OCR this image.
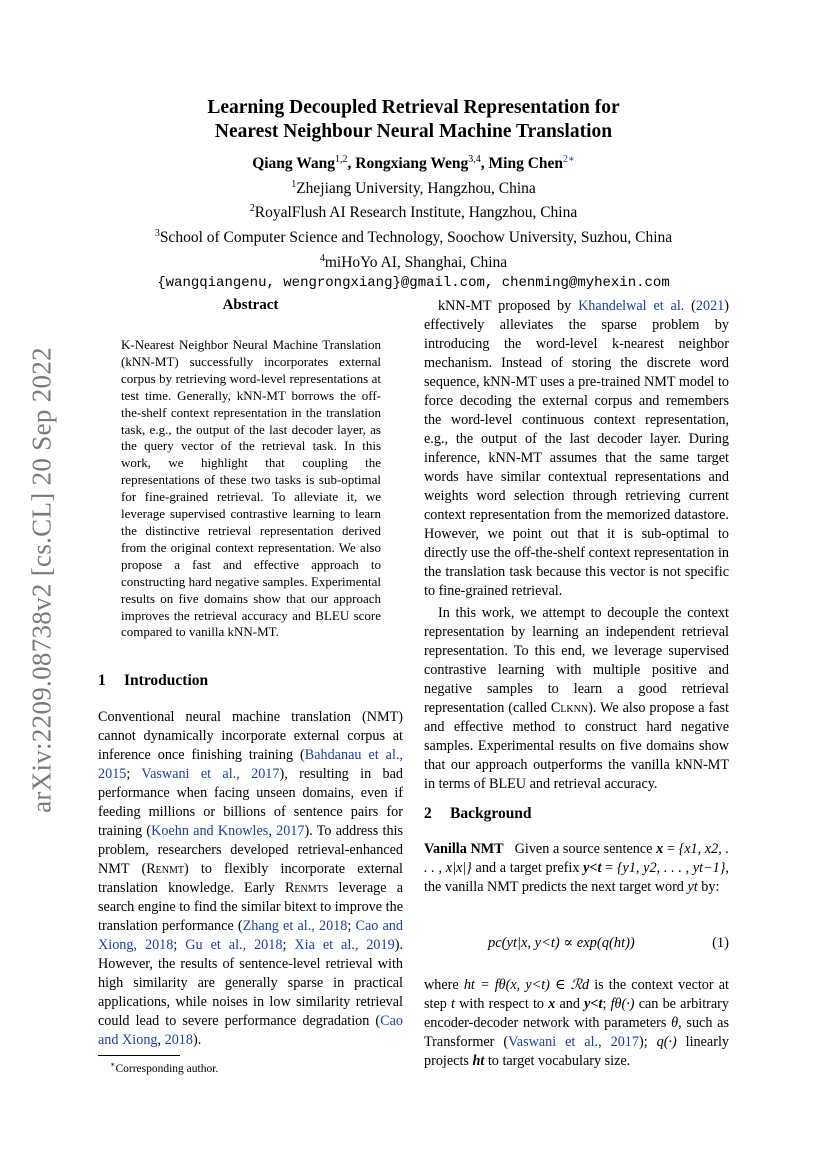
arXiv:2209.08738v2 [cs.CL] 20 Sep 2022
Learning Decoupled Retrieval Representation for
Nearest Neighbour Neural Machine Translation
Qiang Wang$^{1,2}$, Rongxiang Weng$^{3,4}$, Ming Chen$^{2∗}$
$^1$Zhejiang University, Hangzhou, China
$^2$RoyalFlush AI Research Institute, Hangzhou, China
$^3$School of Computer Science and Technology, Soochow University, Suzhou, China
$^4$miHoYo AI, Shanghai, China
{wangqiangenu, wengrongxiang}@gmail.com, chenming@myhexin.com
Abstract
K-Nearest Neighbor Neural Machine Translation (kNN-MT) successfully incorporates external corpus by retrieving word-level representations at test time. Generally, kNN-MT borrows the off-the-shelf context representation in the translation task, e.g., the output of the last decoder layer, as the query vector of the retrieval task. In this work, we highlight that coupling the representations of these two tasks is sub-optimal for fine-grained retrieval. To alleviate it, we leverage supervised contrastive learning to learn the distinctive retrieval representation derived from the original context representation. We also propose a fast and effective approach to constructing hard negative samples. Experimental results on five domains show that our approach improves the retrieval accuracy and BLEU score compared to vanilla kNN-MT.
1 Introduction

Conventional neural machine translation (NMT) cannot dynamically incorporate external corpus at inference once finishing training (Bahdanau et al., 2015; Vaswani et al., 2017), resulting in bad performance when facing unseen domains, even if feeding millions or billions of sentence pairs for training (Koehn and Knowles, 2017). To address this problem, researchers developed retrieval-enhanced NMT (Renmt) to flexibly incorporate external translation knowledge. Early Renmts leverage a search engine to find the similar bitext to improve the translation performance (Zhang et al., 2018; Cao and Xiong, 2018; Gu et al., 2018; Xia et al., 2019). However, the results of sentence-level retrieval with high similarity are generally sparse in practical applications, while noises in low similarity retrieval could lead to severe performance degradation (Cao and Xiong, 2018).

kNN-MT proposed by Khandelwal et al. (2021) effectively alleviates the sparse problem by introducing the word-level k-nearest neighbor mechanism. Instead of storing the discrete word sequence, kNN-MT uses a pre-trained NMT model to force decoding the external corpus and remembers the word-level continuous context representation, e.g., the output of the last decoder layer. During inference, kNN-MT assumes that the same target words have similar contextual representations and weights word selection through retrieving current context representation from the memorized datastore. However, we point out that it is sub-optimal to directly use the off-the-shelf context representation in the translation task because this vector is not specific to fine-grained retrieval.

In this work, we attempt to decouple the context representation by learning an independent retrieval representation. To this end, we leverage supervised contrastive learning with multiple positive and negative samples to learn a good retrieval representation (called Clknn). We also propose a fast and effective method to construct hard negative samples. Experimental results on five domains show that our approach outperforms the vanilla kNN-MT in terms of BLEU and retrieval accuracy.

2 Background

Vanilla NMT Given a source sentence x = {x1, x2, . . . , x|x|} and a target prefix y<t = {y1, y2, . . . , yt−1}, the vanilla NMT predicts the next target word yt by:

pc(yt|x, y<t) ∝ exp(q(ht))	(1)

where ht = fθ(x, y<t) ∈ ℛd is the context vector at step t with respect to x and y<t; fθ(·) can be arbitrary encoder-decoder network with parameters θ, such as Transformer (Vaswani et al., 2017); q(·) linearly projects ht to target vocabulary size.

∗Corresponding author.
